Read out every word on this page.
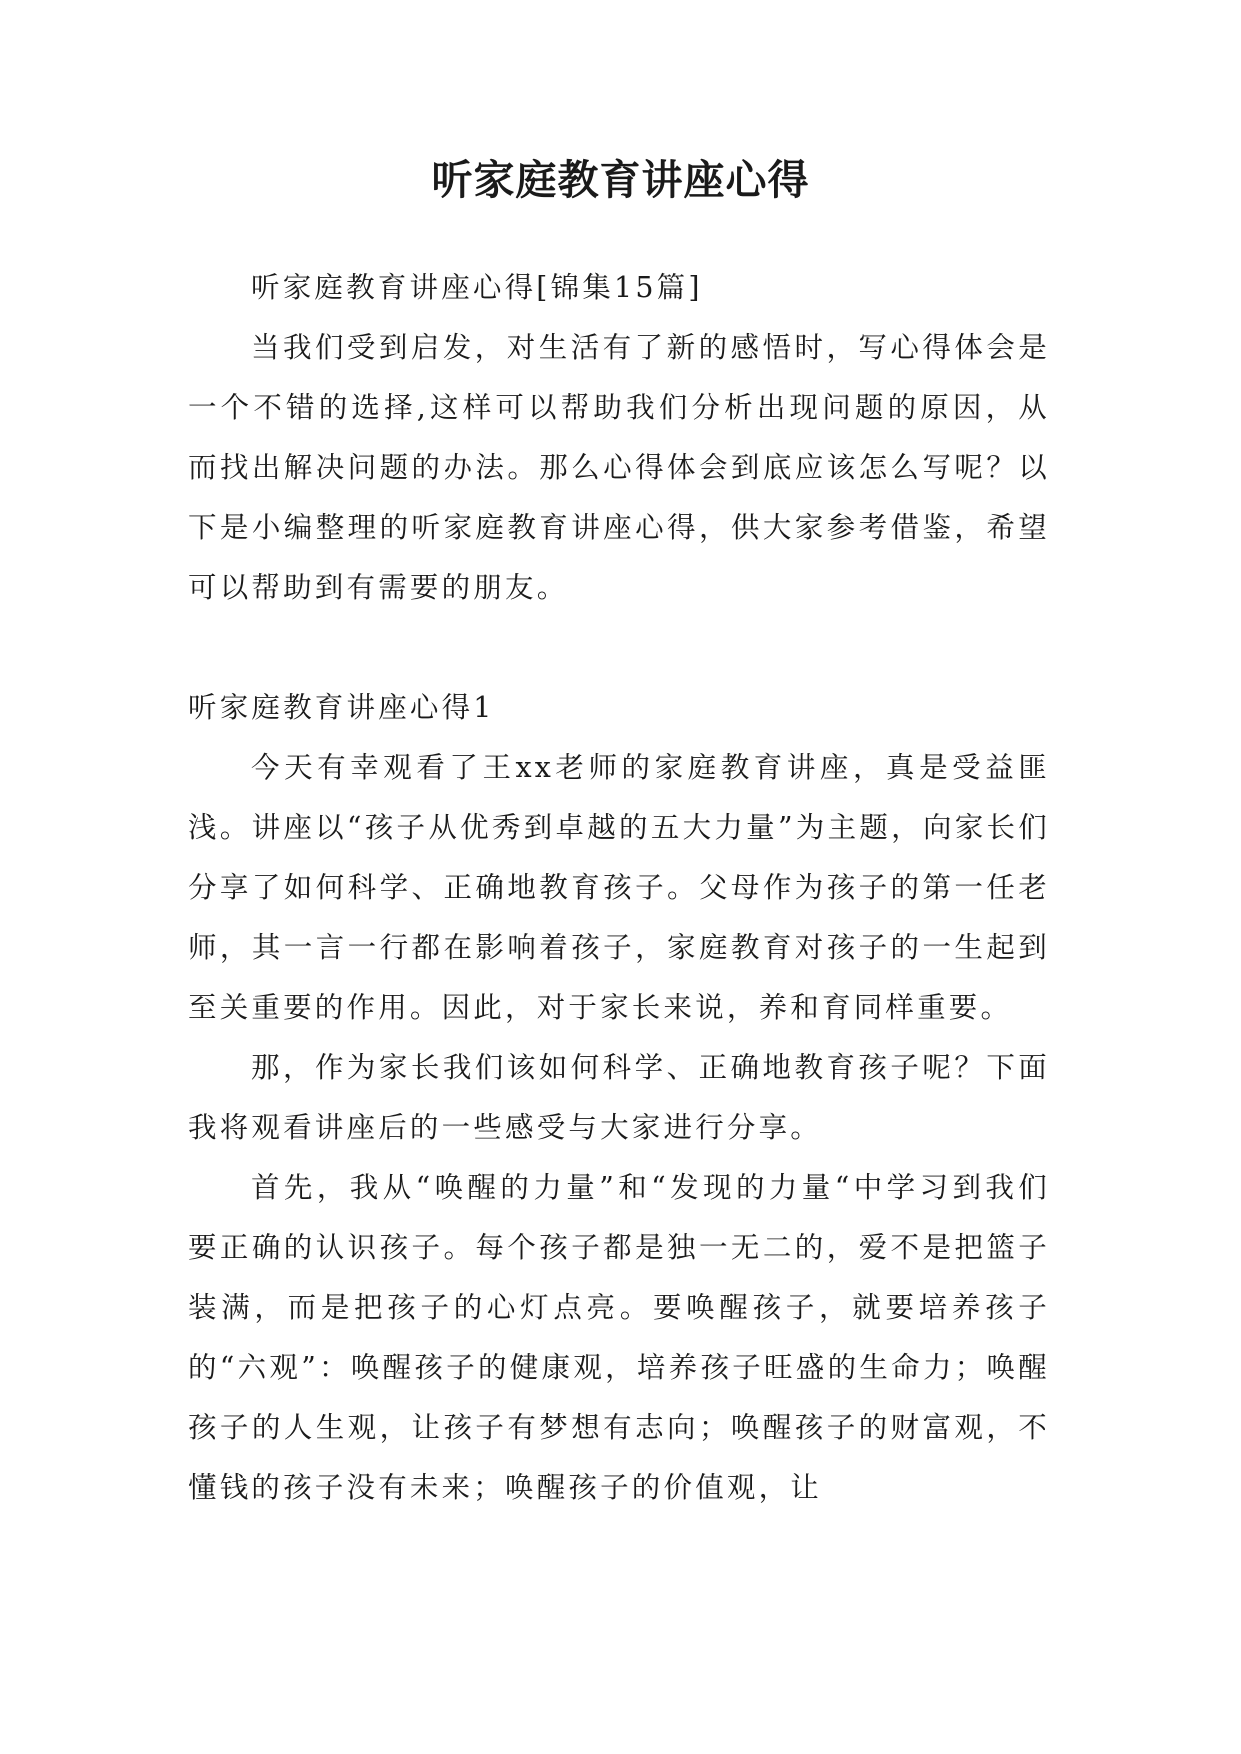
听家庭教育讲座心得

听家庭教育讲座心得[锦集15篇]

当我们受到启发，对生活有了新的感悟时，写心得体会是一个不错的选择,这样可以帮助我们分析出现问题的原因，从而找出解决问题的办法。那么心得体会到底应该怎么写呢？以下是小编整理的听家庭教育讲座心得，供大家参考借鉴，希望可以帮助到有需要的朋友。

听家庭教育讲座心得1

今天有幸观看了王xx老师的家庭教育讲座，真是受益匪浅。讲座以“孩子从优秀到卓越的五大力量”为主题，向家长们分享了如何科学、正确地教育孩子。父母作为孩子的第一任老师，其一言一行都在影响着孩子，家庭教育对孩子的一生起到至关重要的作用。因此，对于家长来说，养和育同样重要。

那，作为家长我们该如何科学、正确地教育孩子呢？下面我将观看讲座后的一些感受与大家进行分享。

首先，我从“唤醒的力量”和“发现的力量“中学习到我们要正确的认识孩子。每个孩子都是独一无二的，爱不是把篮子装满，而是把孩子的心灯点亮。要唤醒孩子，就要培养孩子的“六观”：唤醒孩子的健康观，培养孩子旺盛的生命力；唤醒孩子的人生观，让孩子有梦想有志向；唤醒孩子的财富观，不懂钱的孩子没有未来；唤醒孩子的价值观，让
